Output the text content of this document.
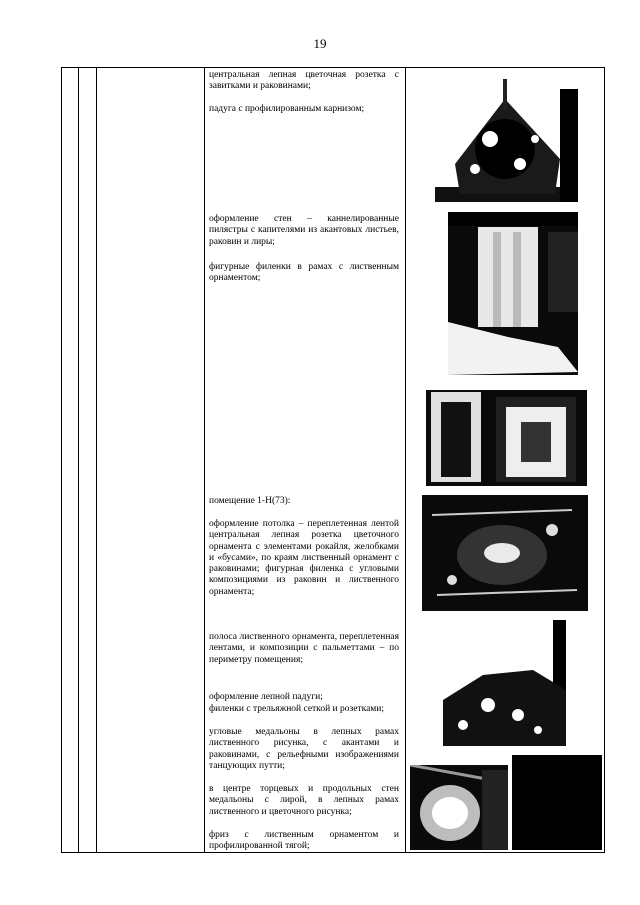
19
центральная лепная цветочная розетка с завитками и раковинами;
падуга с профилированным карнизом;
оформление стен – каннелированные пилястры с капителями из акантовых листьев, раковин и лиры;
фигурные филенки в рамах с лиственным орнаментом;
помещение 1-Н(73):
оформление потолка – переплетенная лентой центральная лепная розетка цветочного орнамента с элементами рокайля, желобками и «бусами», по краям лиственный орнамент с раковинами; фигурная филенка с угловыми композициями из раковин и лиственного орнамента;
полоса лиственного орнамента, переплетенная лентами, и композиции с пальметтами – по периметру помещения;
оформление лепной падуги;
филенки с трельяжной сеткой и розетками;
угловые медальоны в лепных рамах лиственного рисунка, с акантами и раковинами, с рельефными изображениями танцующих путти;
в центре торцевых и продольных стен медальоны с лирой, в лепных рамах лиственного и цветочного рисунка;
фриз с лиственным орнаментом и профилированной тягой;
